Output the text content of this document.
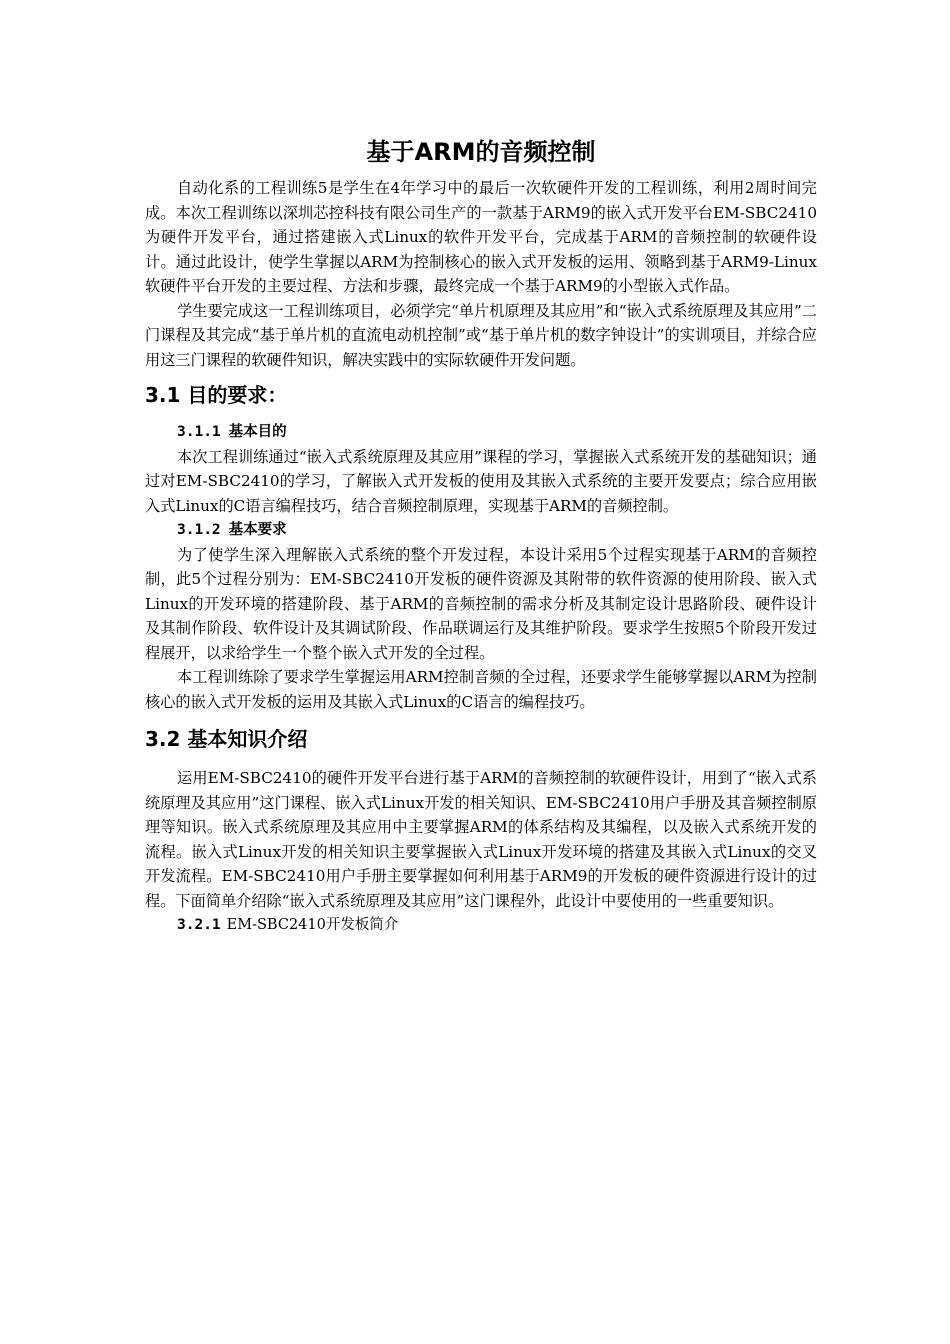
基于ARM的音频控制

自动化系的工程训练5是学生在4年学习中的最后一次软硬件开发的工程训练，利用2周时间完成。本次工程训练以深圳芯控科技有限公司生产的一款基于ARM9的嵌入式开发平台EM-SBC2410为硬件开发平台，通过搭建嵌入式Linux的软件开发平台，完成基于ARM的音频控制的软硬件设计。通过此设计，使学生掌握以ARM为控制核心的嵌入式开发板的运用、领略到基于ARM9-Linux软硬件平台开发的主要过程、方法和步骤，最终完成一个基于ARM9的小型嵌入式作品。

学生要完成这一工程训练项目，必须学完“单片机原理及其应用”和“嵌入式系统原理及其应用”二门课程及其完成“基于单片机的直流电动机控制”或“基于单片机的数字钟设计”的实训项目，并综合应用这三门课程的软硬件知识，解决实践中的实际软硬件开发问题。

3.1 目的要求：
3.1.1 基本目的

本次工程训练通过“嵌入式系统原理及其应用”课程的学习，掌握嵌入式系统开发的基础知识；通过对EM-SBC2410的学习，了解嵌入式开发板的使用及其嵌入式系统的主要开发要点；综合应用嵌入式Linux的C语言编程技巧，结合音频控制原理，实现基于ARM的音频控制。

3.1.2 基本要求

为了使学生深入理解嵌入式系统的整个开发过程，本设计采用5个过程实现基于ARM的音频控制，此5个过程分别为：EM-SBC2410开发板的硬件资源及其附带的软件资源的使用阶段、嵌入式Linux的开发环境的搭建阶段、基于ARM的音频控制的需求分析及其制定设计思路阶段、硬件设计及其制作阶段、软件设计及其调试阶段、作品联调运行及其维护阶段。要求学生按照5个阶段开发过程展开，以求给学生一个整个嵌入式开发的全过程。

本工程训练除了要求学生掌握运用ARM控制音频的全过程，还要求学生能够掌握以ARM为控制核心的嵌入式开发板的运用及其嵌入式Linux的C语言的编程技巧。

3.2 基本知识介绍

运用EM-SBC2410的硬件开发平台进行基于ARM的音频控制的软硬件设计，用到了“嵌入式系统原理及其应用”这门课程、嵌入式Linux开发的相关知识、EM-SBC2410用户手册及其音频控制原理等知识。嵌入式系统原理及其应用中主要掌握ARM的体系结构及其编程，以及嵌入式系统开发的流程。嵌入式Linux开发的相关知识主要掌握嵌入式Linux开发环境的搭建及其嵌入式Linux的交叉开发流程。EM-SBC2410用户手册主要掌握如何利用基于ARM9的开发板的硬件资源进行设计的过程。下面简单介绍除“嵌入式系统原理及其应用”这门课程外，此设计中要使用的一些重要知识。

3.2.1 EM-SBC2410开发板简介
